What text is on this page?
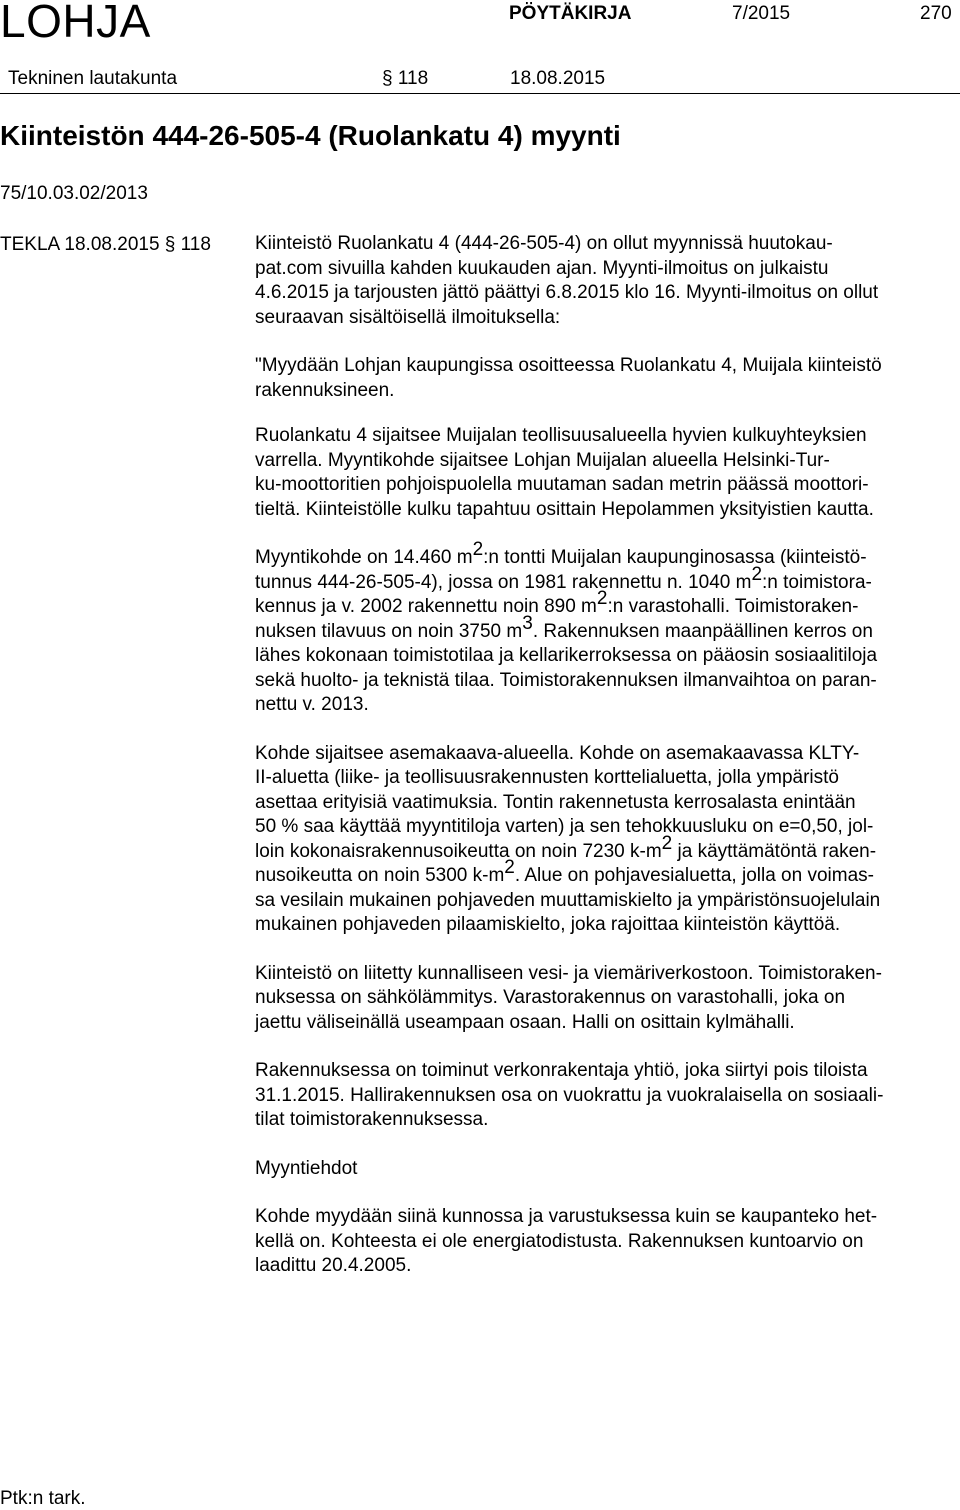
LOHJA	PÖYTÄKIRJA	7/2015	270
Tekninen lautakunta	§ 118	18.08.2015
Kiinteistön 444-26-505-4 (Ruolankatu 4) myynti
75/10.03.02/2013
TEKLA 18.08.2015 § 118 Kiinteistö Ruolankatu 4 (444-26-505-4) on ollut myynnissä huutokau-
pat.com sivuilla kahden kuukauden ajan. Myynti-ilmoitus on julkaistu
4.6.2015 ja tarjousten jättö päättyi 6.8.2015 klo 16. Myynti-ilmoitus on ollut
seuraavan sisältöisellä ilmoituksella:

"Myydään Lohjan kaupungissa osoitteessa Ruolankatu 4, Muijala kiinteistö
rakennuksineen.

Ruolankatu 4 sijaitsee Muijalan teollisuusalueella hyvien kulkuyhteyksien
varrella. Myyntikohde sijaitsee Lohjan Muijalan alueella Helsinki-Tur-
ku-moottoritien pohjoispuolella muutaman sadan metrin päässä moottori-
tieltä. Kiinteistölle kulku tapahtuu osittain Hepolammen yksityistien kautta.

Myyntikohde on 14.460 m2:n tontti Muijalan kaupunginosassa (kiinteistö-
tunnus 444-26-505-4), jossa on 1981 rakennettu n. 1040 m2:n toimistora-
kennus ja v. 2002 rakennettu noin 890 m2:n varastohalli. Toimistoraken-
nuksen tilavuus on noin 3750 m3. Rakennuksen maanpäällinen kerros on
lähes kokonaan toimistotilaa ja kellarikerroksessa on pääosin sosiaalitiloja
sekä huolto- ja teknistä tilaa. Toimistorakennuksen ilmanvaihtoa on paran-
nettu v. 2013.

Kohde sijaitsee asemakaava-alueella. Kohde on asemakaavassa KLTY-
II-aluetta (liike- ja teollisuusrakennusten korttelialuetta, jolla ympäristö
asettaa erityisiä vaatimuksia. Tontin rakennetusta kerrosalasta enintään
50 % saa käyttää myyntitiloja varten) ja sen tehokkuusluku on e=0,50, jol-
loin kokonaisrakennusoikeutta on noin 7230 k-m2 ja käyttämätöntä raken-
nusoikeutta on noin 5300 k-m2. Alue on pohjavesialuetta, jolla on voimas-
sa vesilain mukainen pohjaveden muuttamiskielto ja ympäristönsuojelulain
mukainen pohjaveden pilaamiskielto, joka rajoittaa kiinteistön käyttöä.

Kiinteistö on liitetty kunnalliseen vesi- ja viemäriverkostoon. Toimistoraken-
nuksessa on sähkölämmitys. Varastorakennus on varastohalli, joka on
jaettu väliseinällä useampaan osaan. Halli on osittain kylmähalli.

Rakennuksessa on toiminut verkonrakentaja yhtiö, joka siirtyi pois tiloista
31.1.2015. Hallirakennuksen osa on vuokrattu ja vuokralaisella on sosiaali-
tilat toimistorakennuksessa.

Myyntiehdot

Kohde myydään siinä kunnossa ja varustuksessa kuin se kaupanteko het-
kellä on. Kohteesta ei ole energiatodistusta. Rakennuksen kuntoarvio on
laadittu 20.4.2005.

Ptk:n tark.
